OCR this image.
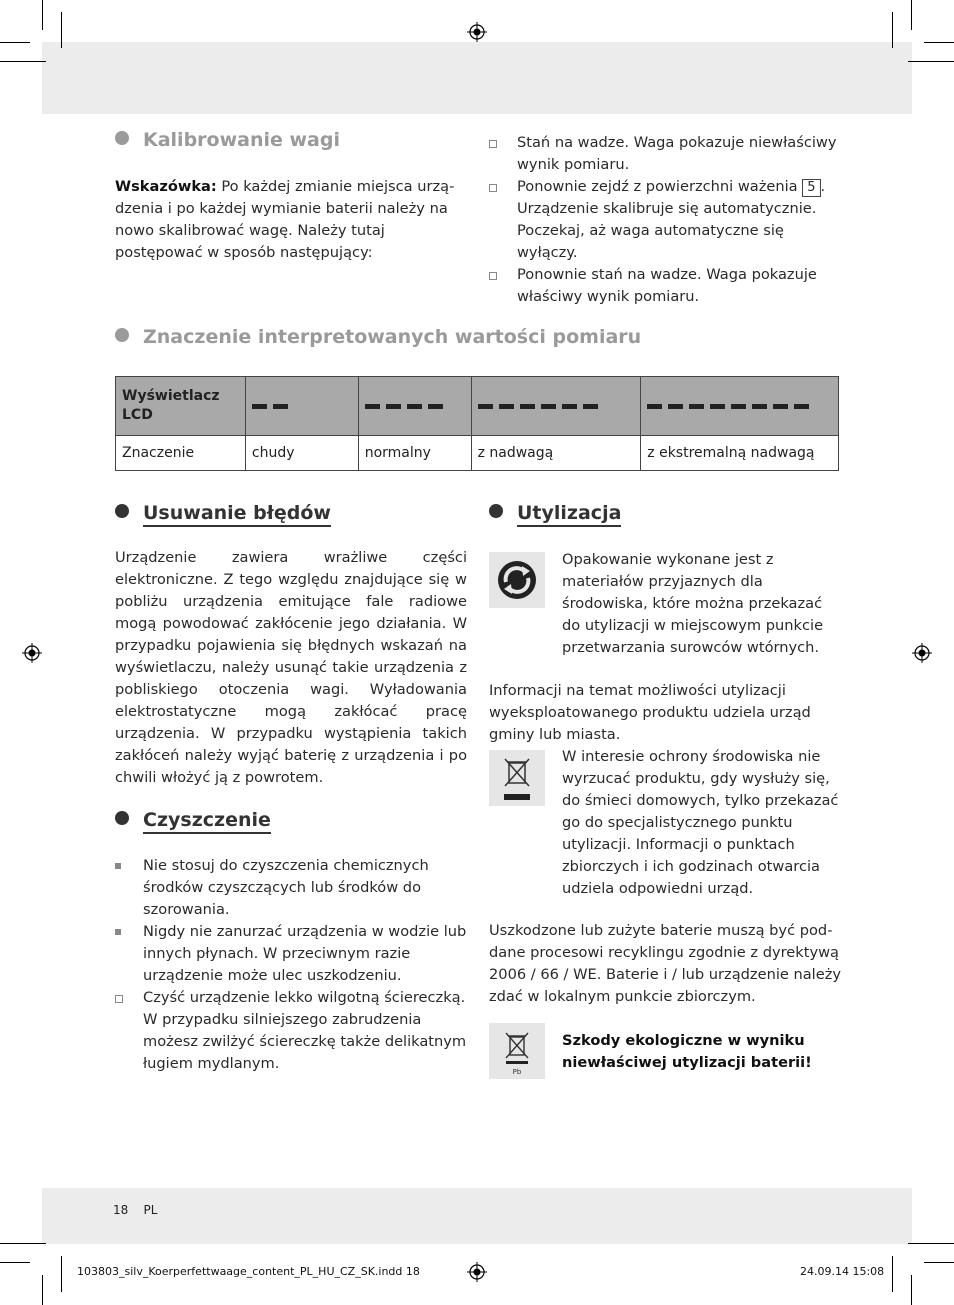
Kalibrowanie wagi
Wskazówka: Po każdej zmianie miejsca urządzenia i po każdej wymianie baterii należy na nowo skalibrować wagę. Należy tutaj postępować w sposób następujący:
Stań na wadze. Waga pokazuje niewłaściwy wynik pomiaru.
Ponownie zejdź z powierzchni ważenia 5 . Urządzenie skalibruje się automatycznie. Poczekaj, aż waga automatyczne się wyłączy.
Ponownie stań na wadze. Waga pokazuje właściwy wynik pomiaru.
Znaczenie interpretowanych wartości pomiaru
Wyświetlacz LCD				
Znaczenie	chudy	normalny	z nadwagą	z ekstremalną nadwagą
Usuwanie błędów
Urządzenie zawiera wrażliwe części elektroniczne. Z tego względu znajdujące się w pobliżu urządzenia emitujące fale radiowe mogą powodować zakłócenie jego działania. W przypadku pojawienia się błędnych wskazań na wyświetlaczu, należy usunąć takie urządzenia z pobliskiego otoczenia wagi. Wyładowania elektrostatyczne mogą zakłócać pracę urządzenia. W przypadku wystąpienia takich zakłóceń należy wyjąć baterię z urządzenia i po chwili włożyć ją z powrotem.
Czyszczenie
Nie stosuj do czyszczenia chemicznych środków czyszczących lub środków do szorowania.
Nigdy nie zanurzać urządzenia w wodzie lub innych płynach. W przeciwnym razie urządzenie może ulec uszkodzeniu.
Czyść urządzenie lekko wilgotną ściereczką. W przypadku silniejszego zabrudzenia możesz zwilżyć ściereczkę także delikatnym ługiem mydlanym.
Utylizacja
Opakowanie wykonane jest z materiałów przyjaznych dla środowiska, które można przekazać do utylizacji w miejscowym punkcie przetwarzania surowców wtórnych.
Informacji na temat możliwości utylizacji wyeksploatowanego produktu udziela urząd gminy lub miasta.
W interesie ochrony środowiska nie wyrzucać produktu, gdy wysłuży się, do śmieci domowych, tylko przekazać go do specjalistycznego punktu utylizacji. Informacji o punktach zbiorczych i ich godzinach otwarcia udziela odpowiedni urząd.
Uszkodzone lub zużyte baterie muszą być poddane procesowi recyklingu zgodnie z dyrektywą 2006 / 66 / WE. Baterie i / lub urządzenie należy zdać w lokalnym punkcie zbiorczym.
Pb
Szkody ekologiczne w wyniku niewłaściwej utylizacji baterii!
18 PL
103803_silv_Koerperfettwaage_content_PL_HU_CZ_SK.indd 18	24.09.14 15:08
